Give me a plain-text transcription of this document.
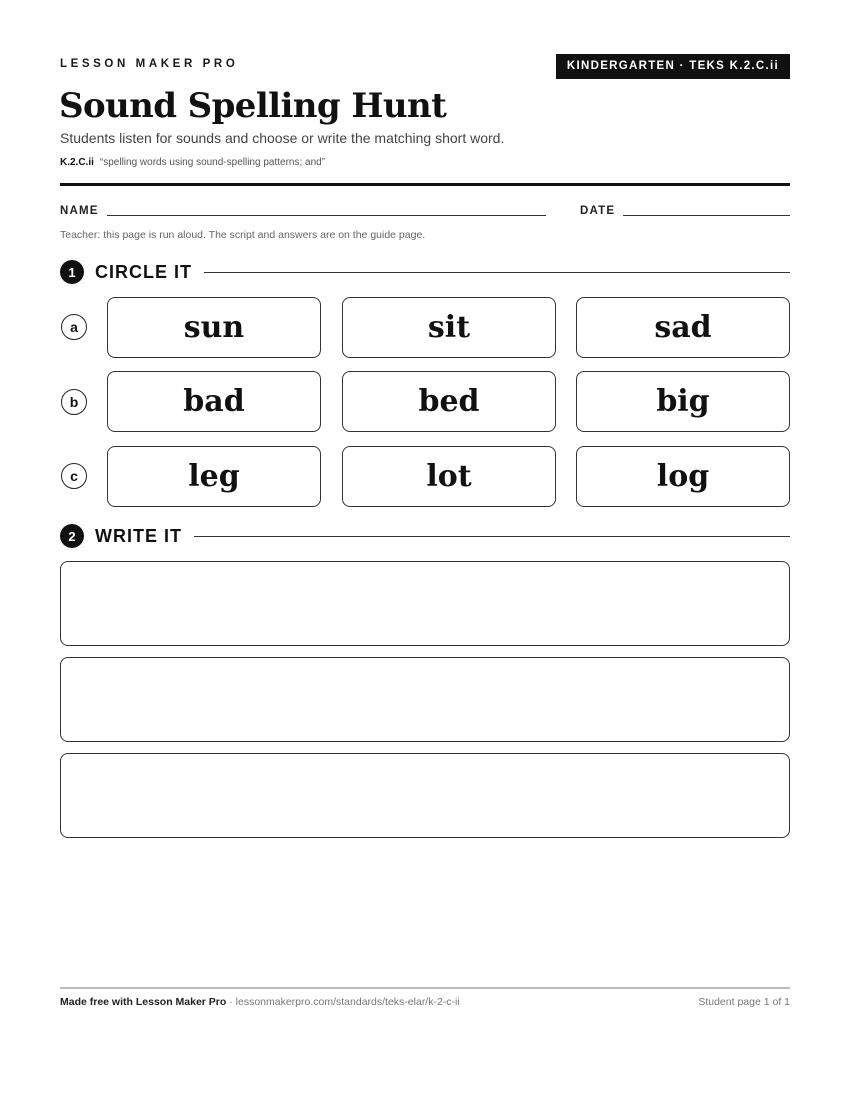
LESSON MAKER PRO	KINDERGARTEN · TEKS K.2.C.ii
Sound Spelling Hunt
Students listen for sounds and choose or write the matching short word.
K.2.C.ii “spelling words using sound-spelling patterns; and”
NAME	DATE
Teacher: this page is run aloud. The script and answers are on the guide page.
1	CIRCLE IT
a	sun	sit	sad
b	bad	bed	big
c	leg	lot	log
2	WRITE IT
Made free with Lesson Maker Pro · lessonmakerpro.com/standards/teks-elar/k-2-c-ii	Student page 1 of 1
